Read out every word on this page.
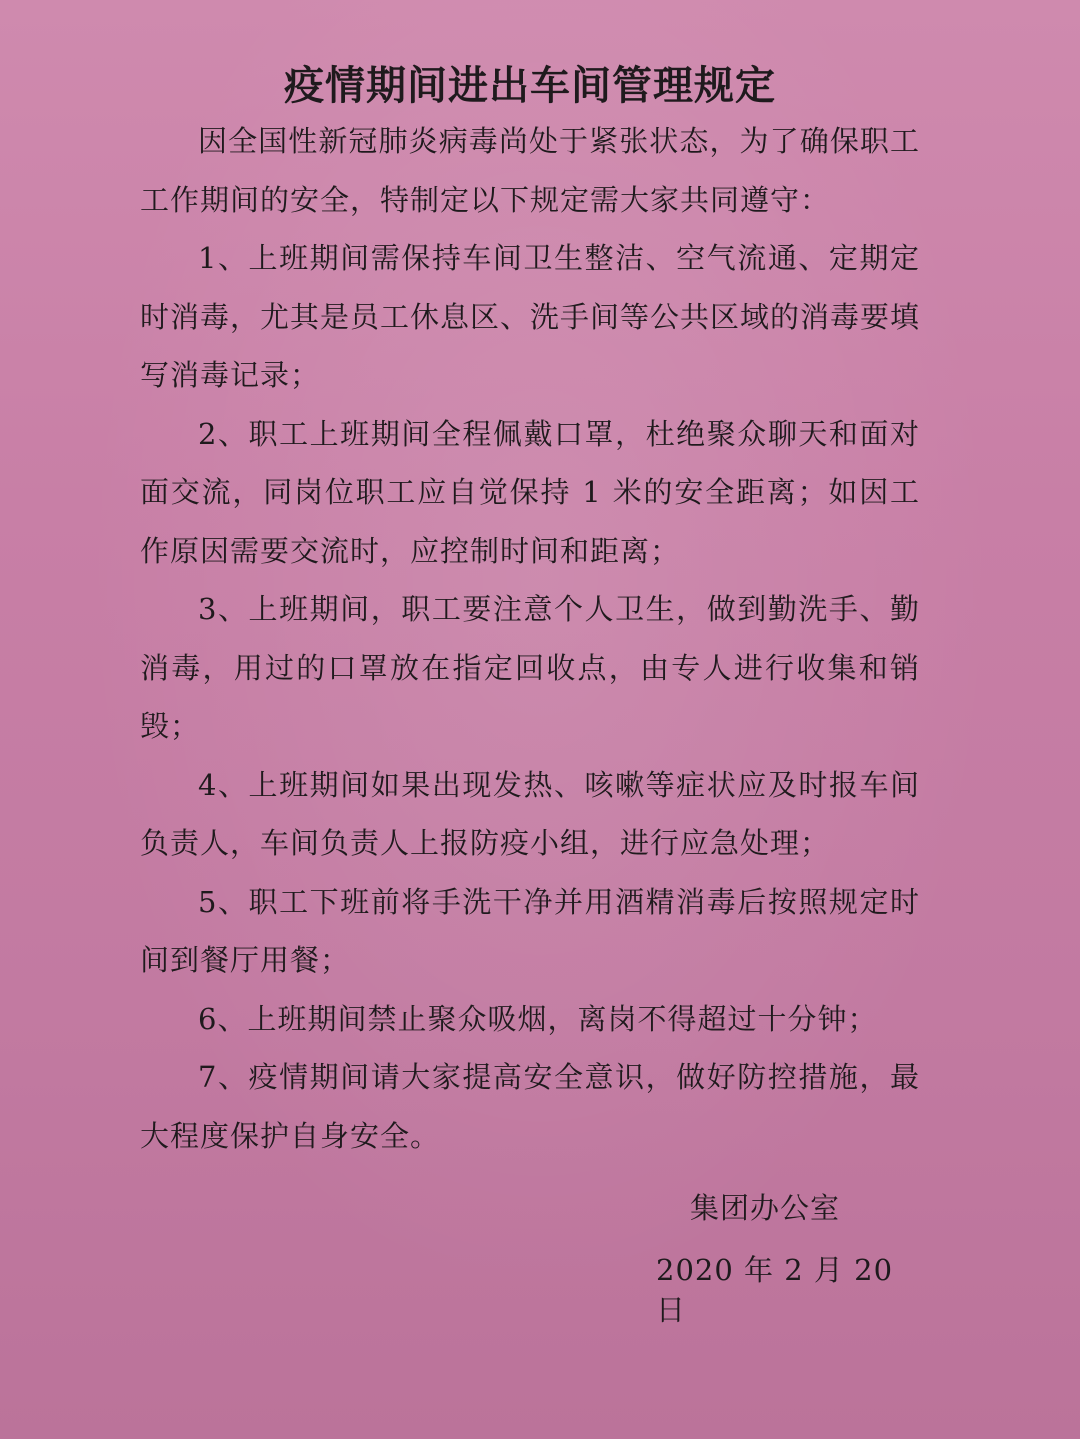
疫情期间进出车间管理规定

因全国性新冠肺炎病毒尚处于紧张状态，为了确保职工工作期间的安全，特制定以下规定需大家共同遵守：

1、上班期间需保持车间卫生整洁、空气流通、定期定时消毒，尤其是员工休息区、洗手间等公共区域的消毒要填写消毒记录；

2、职工上班期间全程佩戴口罩，杜绝聚众聊天和面对面交流，同岗位职工应自觉保持 1 米的安全距离；如因工作原因需要交流时，应控制时间和距离；

3、上班期间，职工要注意个人卫生，做到勤洗手、勤消毒，用过的口罩放在指定回收点，由专人进行收集和销毁；

4、上班期间如果出现发热、咳嗽等症状应及时报车间负责人，车间负责人上报防疫小组，进行应急处理；

5、职工下班前将手洗干净并用酒精消毒后按照规定时间到餐厅用餐；

6、上班期间禁止聚众吸烟，离岗不得超过十分钟；

7、疫情期间请大家提高安全意识，做好防控措施，最大程度保护自身安全。

集团办公室
2020 年 2 月 20 日
